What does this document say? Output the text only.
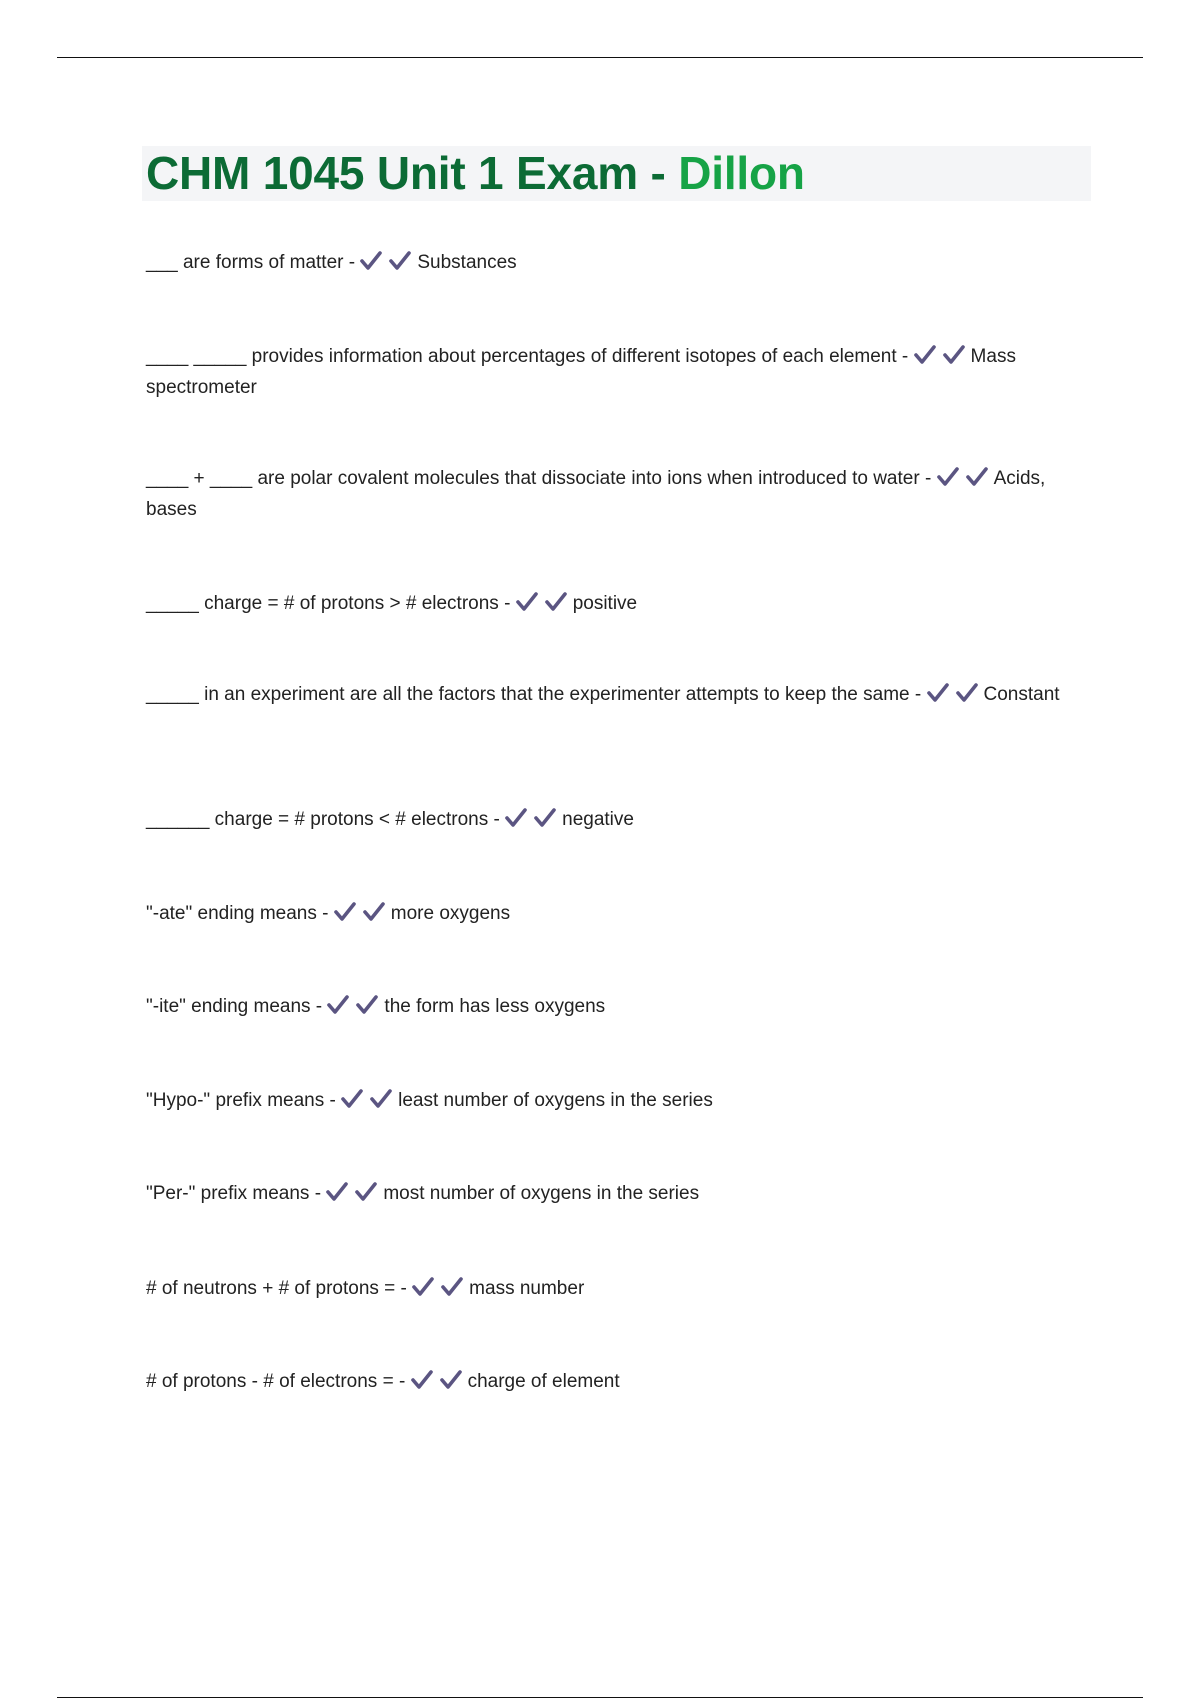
CHM 1045 Unit 1 Exam - Dillon

___ are forms of matter -	Substances

____ _____ provides information about percentages of different isotopes of each element -	Mass spectrometer

____ + ____ are polar covalent molecules that dissociate into ions when introduced to water -	Acids, bases

_____ charge = # of protons > # electrons -	positive

_____ in an experiment are all the factors that the experimenter attempts to keep the same -	Constant

______ charge = # protons < # electrons -	negative

"-ate" ending means -	more oxygens

"-ite" ending means -	the form has less oxygens

"Hypo-" prefix means -	least number of oxygens in the series

"Per-" prefix means -	most number of oxygens in the series

# of neutrons + # of protons = -	mass number

# of protons - # of electrons = -	charge of element
